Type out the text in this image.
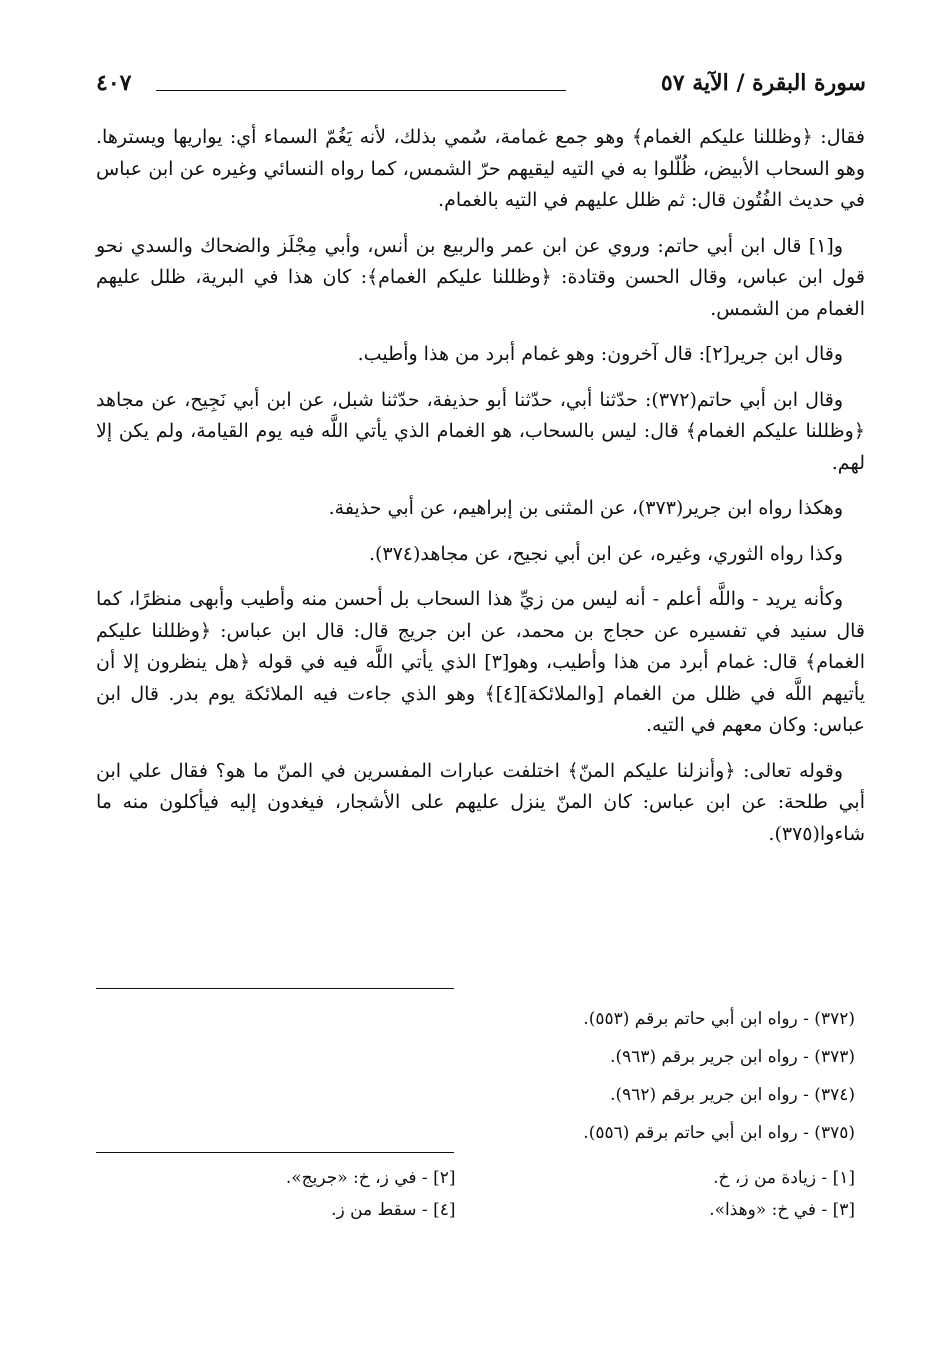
سورة البقرة / الآية ٥٧
٤٠٧

فقال: ﴿وظللنا عليكم الغمام﴾ وهو جمع غمامة، سُمي بذلك، لأنه يَغُمّ السماء أي: يواريها ويسترها. وهو السحاب الأبيض، ظُلّلوا به في التيه ليقيهم حرّ الشمس، كما رواه النسائي وغيره عن ابن عباس في حديث الفُتُون قال: ثم ظلل عليهم في التيه بالغمام.

و[١] قال ابن أبي حاتم: وروي عن ابن عمر والربيع بن أنس، وأبي مِجْلَز والضحاك والسدي نحو قول ابن عباس، وقال الحسن وقتادة: ﴿وظللنا عليكم الغمام﴾: كان هذا في البرية، ظلل عليهم الغمام من الشمس.

وقال ابن جرير[٢]: قال آخرون: وهو غمام أبرد من هذا وأطيب.

وقال ابن أبي حاتم(٣٧٢): حدّثنا أبي، حدّثنا أبو حذيفة، حدّثنا شبل، عن ابن أبي نَجِيح، عن مجاهد ﴿وظللنا عليكم الغمام﴾ قال: ليس بالسحاب، هو الغمام الذي يأتي اللَّه فيه يوم القيامة، ولم يكن إلا لهم.

وهكذا رواه ابن جرير(٣٧٣)، عن المثنى بن إبراهيم، عن أبي حذيفة.

وكذا رواه الثوري، وغيره، عن ابن أبي نجيح، عن مجاهد(٣٧٤).

وكأنه يريد - واللَّه أعلم - أنه ليس من زيِّ هذا السحاب بل أحسن منه وأطيب وأبهى منظرًا، كما قال سنيد في تفسيره عن حجاج بن محمد، عن ابن جريج قال: قال ابن عباس: ﴿وظللنا عليكم الغمام﴾ قال: غمام أبرد من هذا وأطيب، وهو[٣] الذي يأتي اللَّه فيه في قوله ﴿هل ينظرون إلا أن يأتيهم اللَّه في ظلل من الغمام [والملائكة][٤]﴾ وهو الذي جاءت فيه الملائكة يوم بدر. قال ابن عباس: وكان معهم في التيه.

وقوله تعالى: ﴿وأنزلنا عليكم المنّ﴾ اختلفت عبارات المفسرين في المنّ ما هو؟ فقال علي ابن أبي طلحة: عن ابن عباس: كان المنّ ينزل عليهم على الأشجار، فيغدون إليه فيأكلون منه ما شاءوا(٣٧٥).

(٣٧٢) - رواه ابن أبي حاتم برقم (٥٥٣).
(٣٧٣) - رواه ابن جرير برقم (٩٦٣).
(٣٧٤) - رواه ابن جرير برقم (٩٦٢).
(٣٧٥) - رواه ابن أبي حاتم برقم (٥٥٦).
[١] - زيادة من ز، خ.
[٢] - في ز، خ: «جريج».
[٣] - في خ: «وهذا».
[٤] - سقط من ز.
